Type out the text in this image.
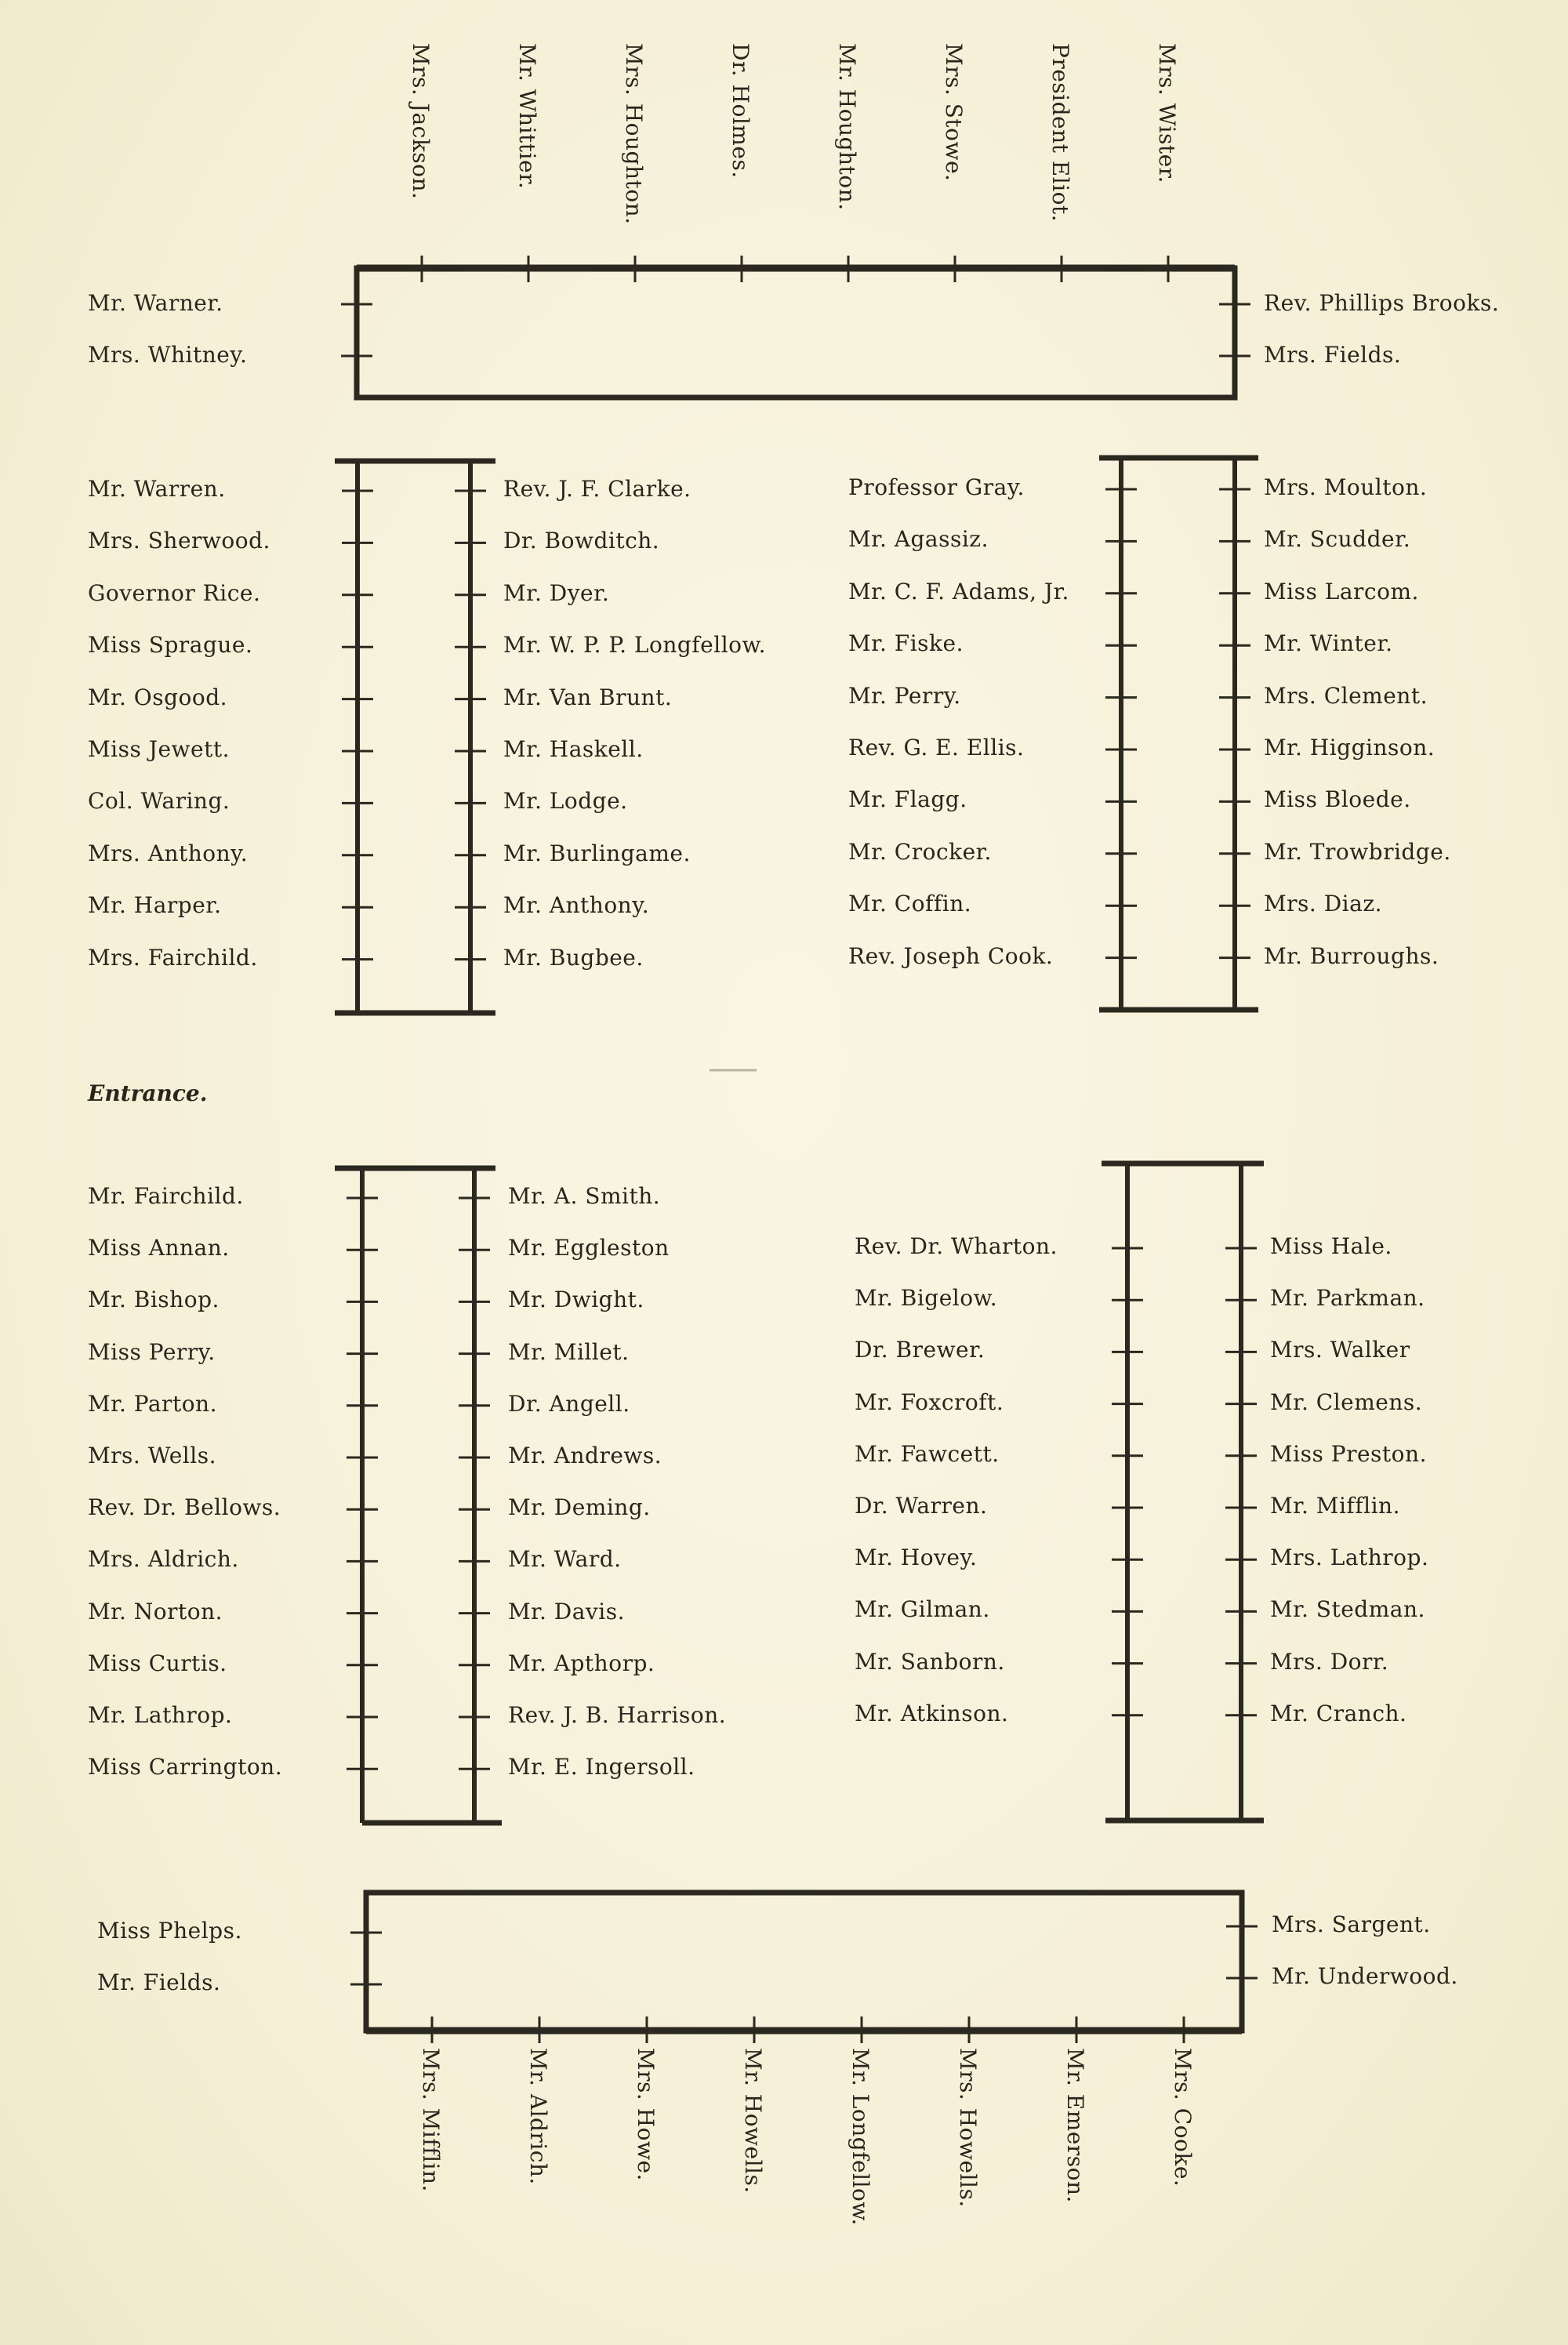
Mrs. Jackson.	Mr. Whittier.	Mrs. Houghton.	Dr. Holmes.	Mr. Houghton.	Mrs. Stowe.	President Eliot.	Mrs. Wister.
Mr. Warner.
Mrs. Whitney.
Rev. Phillips Brooks.
Mrs. Fields.
Mr. Warren.
Mrs. Sherwood.
Governor Rice.
Miss Sprague.
Mr. Osgood.
Miss Jewett.
Col. Waring.
Mrs. Anthony.
Mr. Harper.
Mrs. Fairchild.
Rev. J. F. Clarke.
Dr. Bowditch.
Mr. Dyer.
Mr. W. P. P. Longfellow.
Mr. Van Brunt.
Mr. Haskell.
Mr. Lodge.
Mr. Burlingame.
Mr. Anthony.
Mr. Bugbee.
Professor Gray.
Mr. Agassiz.
Mr. C. F. Adams, Jr.
Mr. Fiske.
Mr. Perry.
Rev. G. E. Ellis.
Mr. Flagg.
Mr. Crocker.
Mr. Coffin.
Rev. Joseph Cook.
Mrs. Moulton.
Mr. Scudder.
Miss Larcom.
Mr. Winter.
Mrs. Clement.
Mr. Higginson.
Miss Bloede.
Mr. Trowbridge.
Mrs. Diaz.
Mr. Burroughs.
Entrance.
Mr. Fairchild.
Miss Annan.
Mr. Bishop.
Miss Perry.
Mr. Parton.
Mrs. Wells.
Rev. Dr. Bellows.
Mrs. Aldrich.
Mr. Norton.
Miss Curtis.
Mr. Lathrop.
Miss Carrington.
Mr. A. Smith.
Mr. Eggleston
Mr. Dwight.
Mr. Millet.
Dr. Angell.
Mr. Andrews.
Mr. Deming.
Mr. Ward.
Mr. Davis.
Mr. Apthorp.
Rev. J. B. Harrison.
Mr. E. Ingersoll.
Rev. Dr. Wharton.
Mr. Bigelow.
Dr. Brewer.
Mr. Foxcroft.
Mr. Fawcett.
Dr. Warren.
Mr. Hovey.
Mr. Gilman.
Mr. Sanborn.
Mr. Atkinson.
Miss Hale.
Mr. Parkman.
Mrs. Walker
Mr. Clemens.
Miss Preston.
Mr. Mifflin.
Mrs. Lathrop.
Mr. Stedman.
Mrs. Dorr.
Mr. Cranch.
Miss Phelps.
Mr. Fields.
Mrs. Sargent.
Mr. Underwood.
Mrs. Mifflin.	Mr. Aldrich.	Mrs. Howe.	Mr. Howells.	Mr. Longfellow.	Mrs. Howells.	Mr. Emerson.	Mrs. Cooke.
